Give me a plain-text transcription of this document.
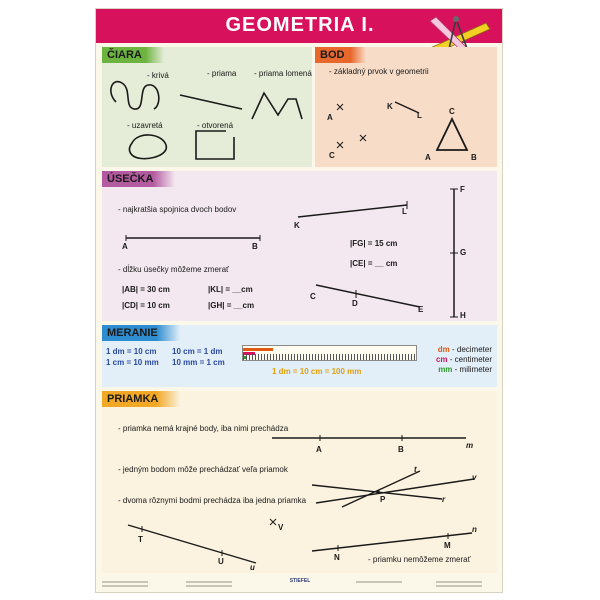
GEOMETRIA I.
ČIARA
- krivá	- priama - priama lomená
- uzavretá	- otvorená
BOD
- základný prvok v geometrii
A
C
K
L	C
A	B
ÚSEČKA
- najkratšia spojnica dvoch bodov
- dĺžku úsečky môžeme zmerať
A	B
K
L
C
D
E
F
G
H
|AB| = 30 cm
|CD| = 10 cm
|KL| = __cm
|GH| = __cm
|FG| = 15 cm
|CE| = __ cm
MERANIE
1 dm = 10 cm
1 cm = 10 mm
10 cm = 1 dm
10 mm = 1 cm
1 dm = 10 cm = 100 mm
dm - decimeter
cm - centimeter
mm - milimeter
PRIAMKA
- priamka nemá krajné body, iba nimi prechádza
- jedným bodom môže prechádzať veľa priamok
- dvoma rôznymi bodmi prechádza iba jedna priamka
- priamku nemôžeme zmerať
A	B	m
t
v
P	r
V
T
U
u
N
M
n
STIEFEL
